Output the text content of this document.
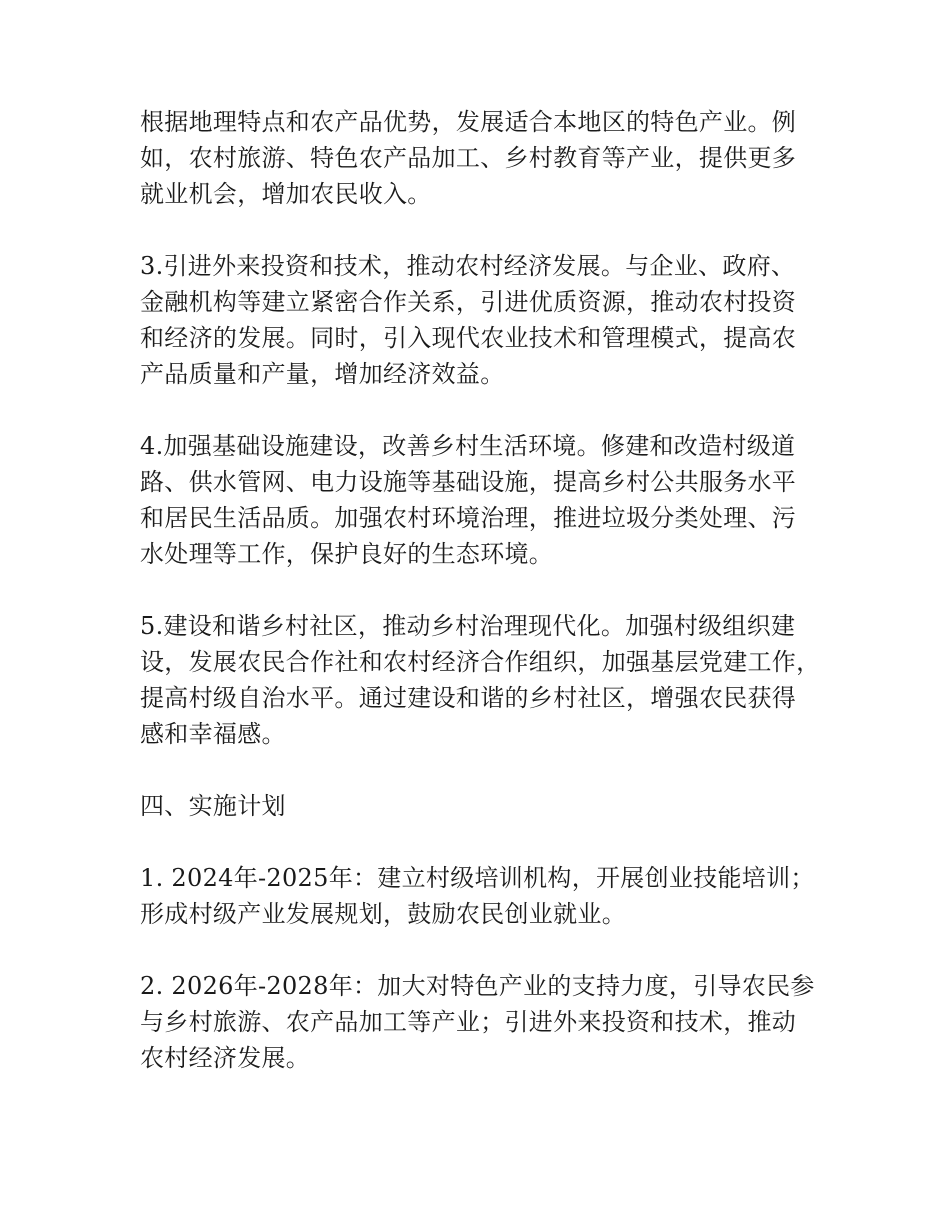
根据地理特点和农产品优势，发展适合本地区的特色产业。例
如，农村旅游、特色农产品加工、乡村教育等产业，提供更多
就业机会，增加农民收入。
3.引进外来投资和技术，推动农村经济发展。与企业、政府、
金融机构等建立紧密合作关系，引进优质资源，推动农村投资
和经济的发展。同时，引入现代农业技术和管理模式，提高农
产品质量和产量，增加经济效益。
4.加强基础设施建设，改善乡村生活环境。修建和改造村级道
路、供水管网、电力设施等基础设施，提高乡村公共服务水平
和居民生活品质。加强农村环境治理，推进垃圾分类处理、污
水处理等工作，保护良好的生态环境。
5.建设和谐乡村社区，推动乡村治理现代化。加强村级组织建
设，发展农民合作社和农村经济合作组织，加强基层党建工作，
提高村级自治水平。通过建设和谐的乡村社区，增强农民获得
感和幸福感。
四、实施计划
1. 2024年-2025年：建立村级培训机构，开展创业技能培训；
形成村级产业发展规划，鼓励农民创业就业。
2. 2026年-2028年：加大对特色产业的支持力度，引导农民参
与乡村旅游、农产品加工等产业；引进外来投资和技术，推动
农村经济发展。
